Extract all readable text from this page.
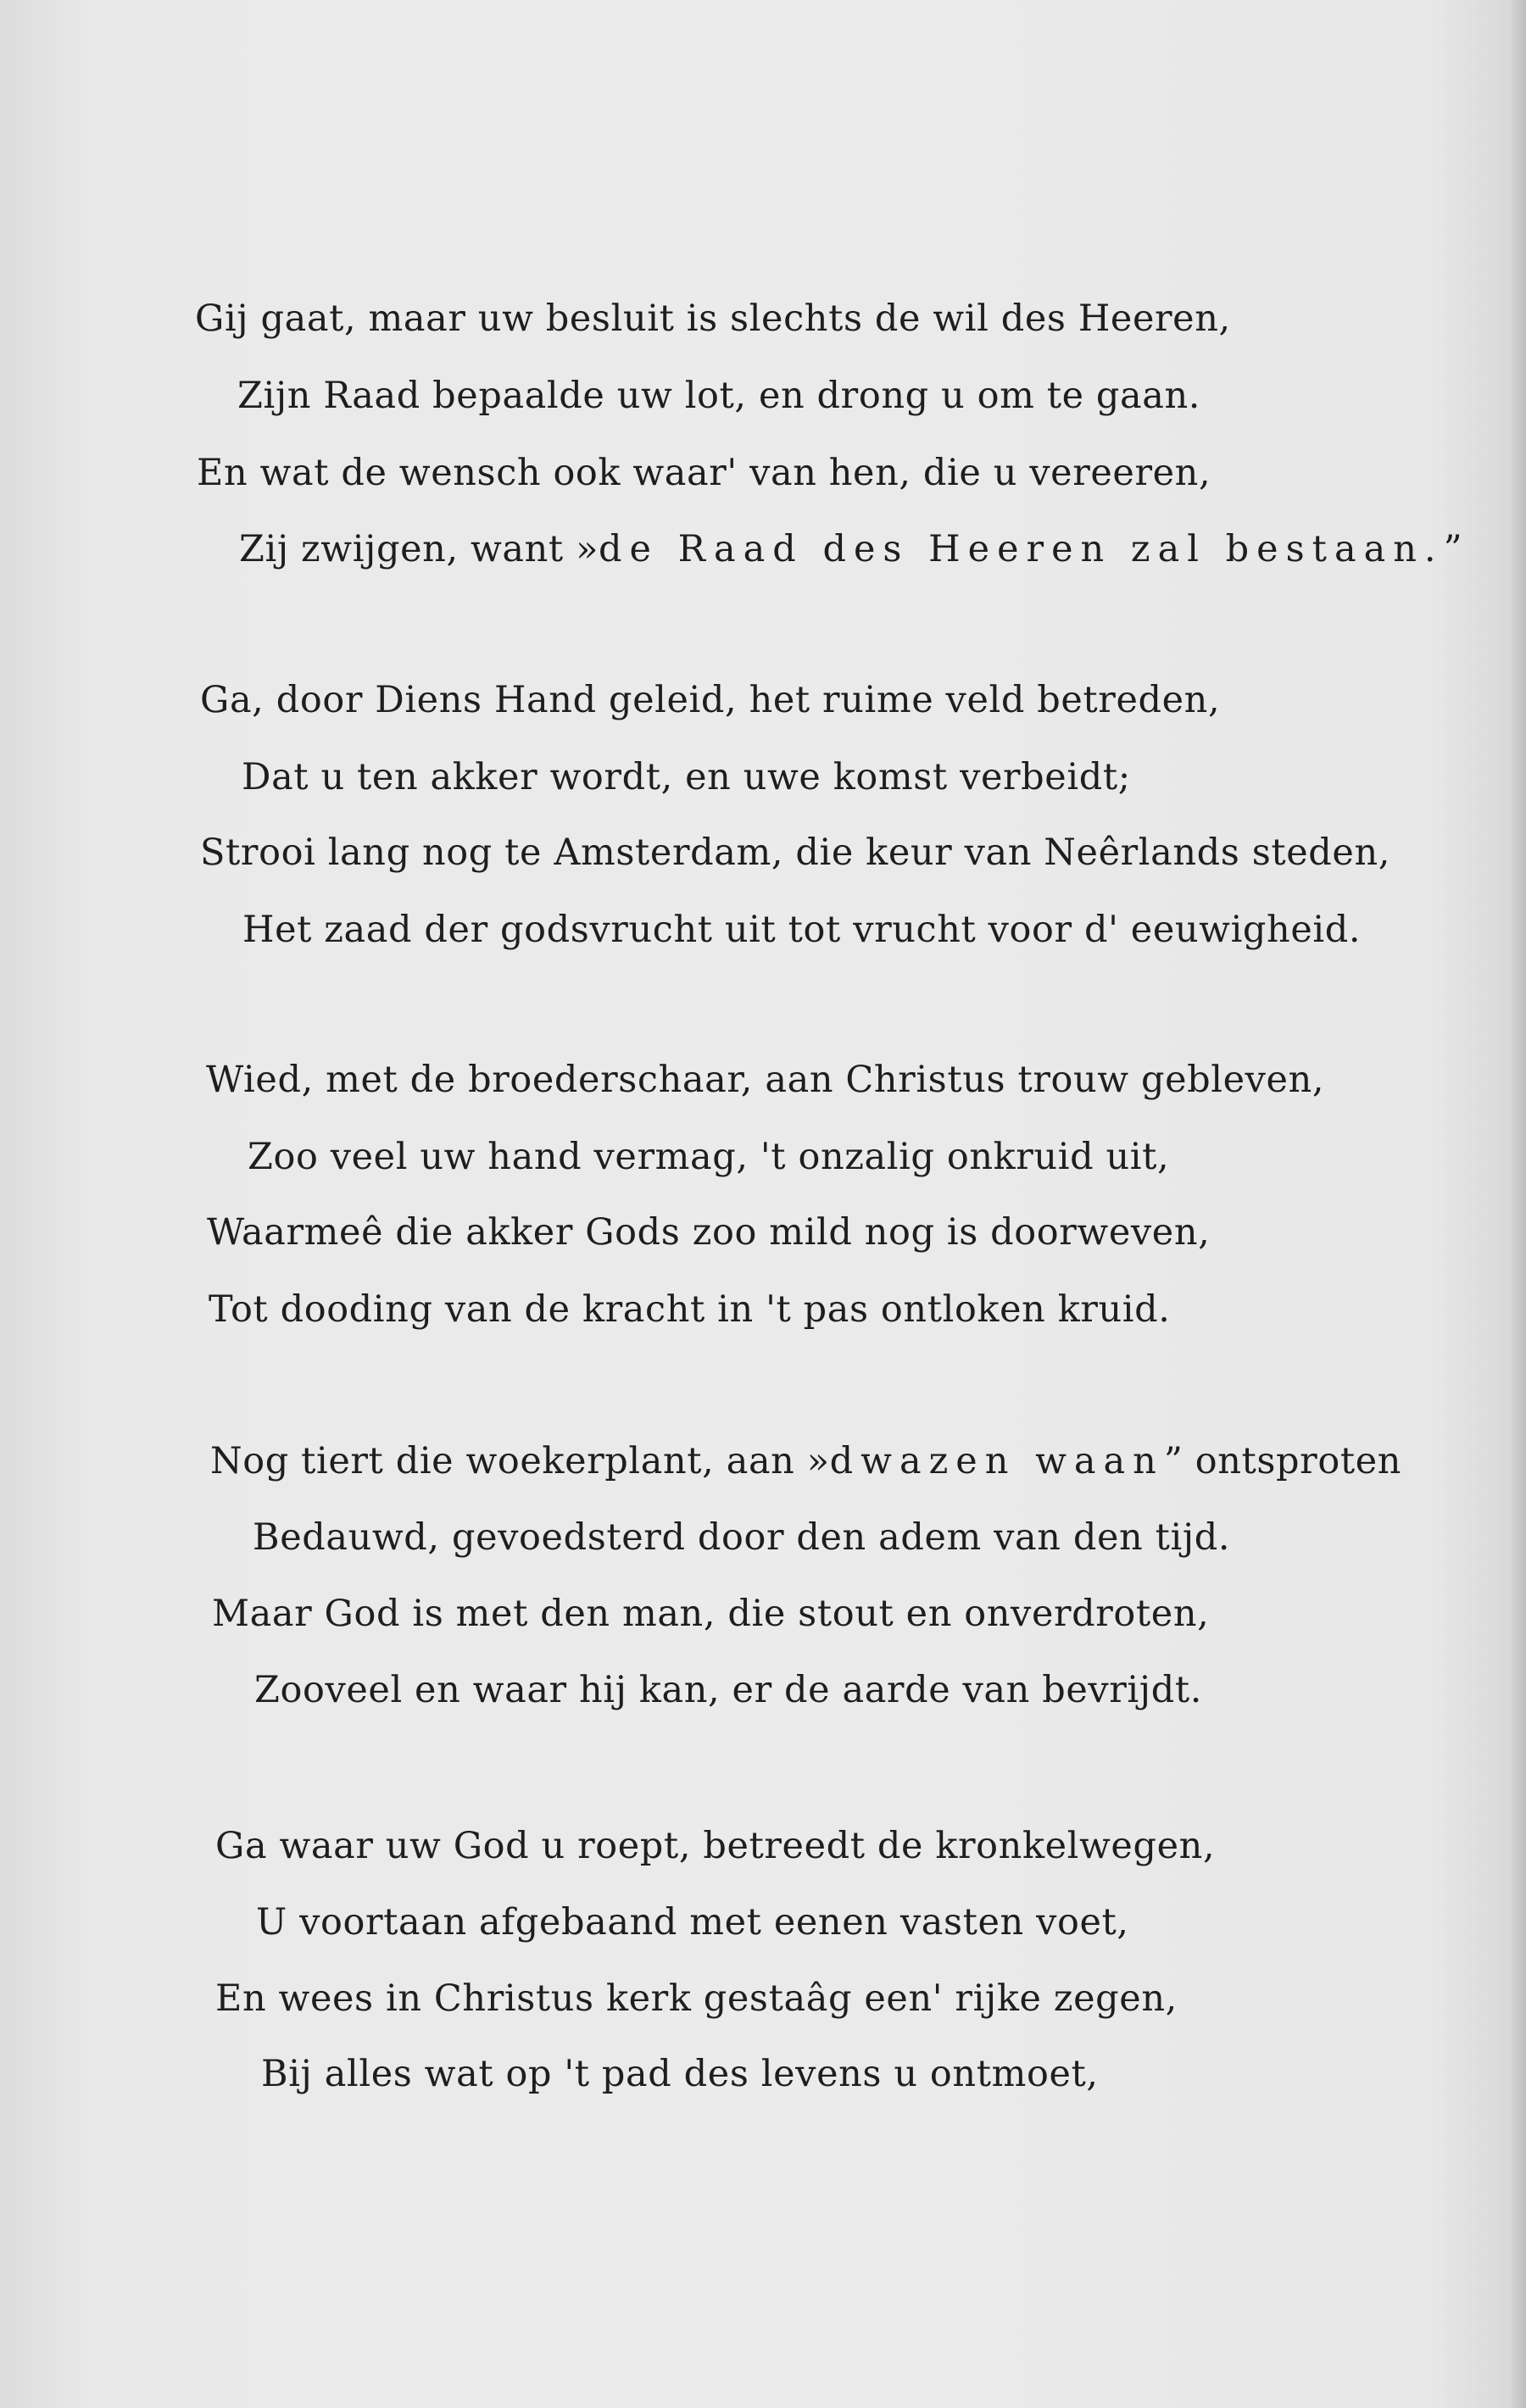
Gij gaat, maar uw besluit is slechts de wil des Heeren,
Zijn Raad bepaalde uw lot, en drong u om te gaan.
En wat de wensch ook waar' van hen, die u vereeren,
Zij zwijgen, want »de Raad des Heeren zal bestaan.”
Ga, door Diens Hand geleid, het ruime veld betreden,
Dat u ten akker wordt, en uwe komst verbeidt;
Strooi lang nog te Amsterdam, die keur van Neêrlands steden,
Het zaad der godsvrucht uit tot vrucht voor d' eeuwigheid.
Wied, met de broederschaar, aan Christus trouw gebleven,
Zoo veel uw hand vermag, 't onzalig onkruid uit,
Waarmeê die akker Gods zoo mild nog is doorweven,
Tot dooding van de kracht in 't pas ontloken kruid.
Nog tiert die woekerplant, aan »dwazen waan” ontsproten
Bedauwd, gevoedsterd door den adem van den tijd.
Maar God is met den man, die stout en onverdroten,
Zooveel en waar hij kan, er de aarde van bevrijdt.
Ga waar uw God u roept, betreedt de kronkelwegen,
U voortaan afgebaand met eenen vasten voet,
En wees in Christus kerk gestaâg een' rijke zegen,
Bij alles wat op 't pad des levens u ontmoet,
